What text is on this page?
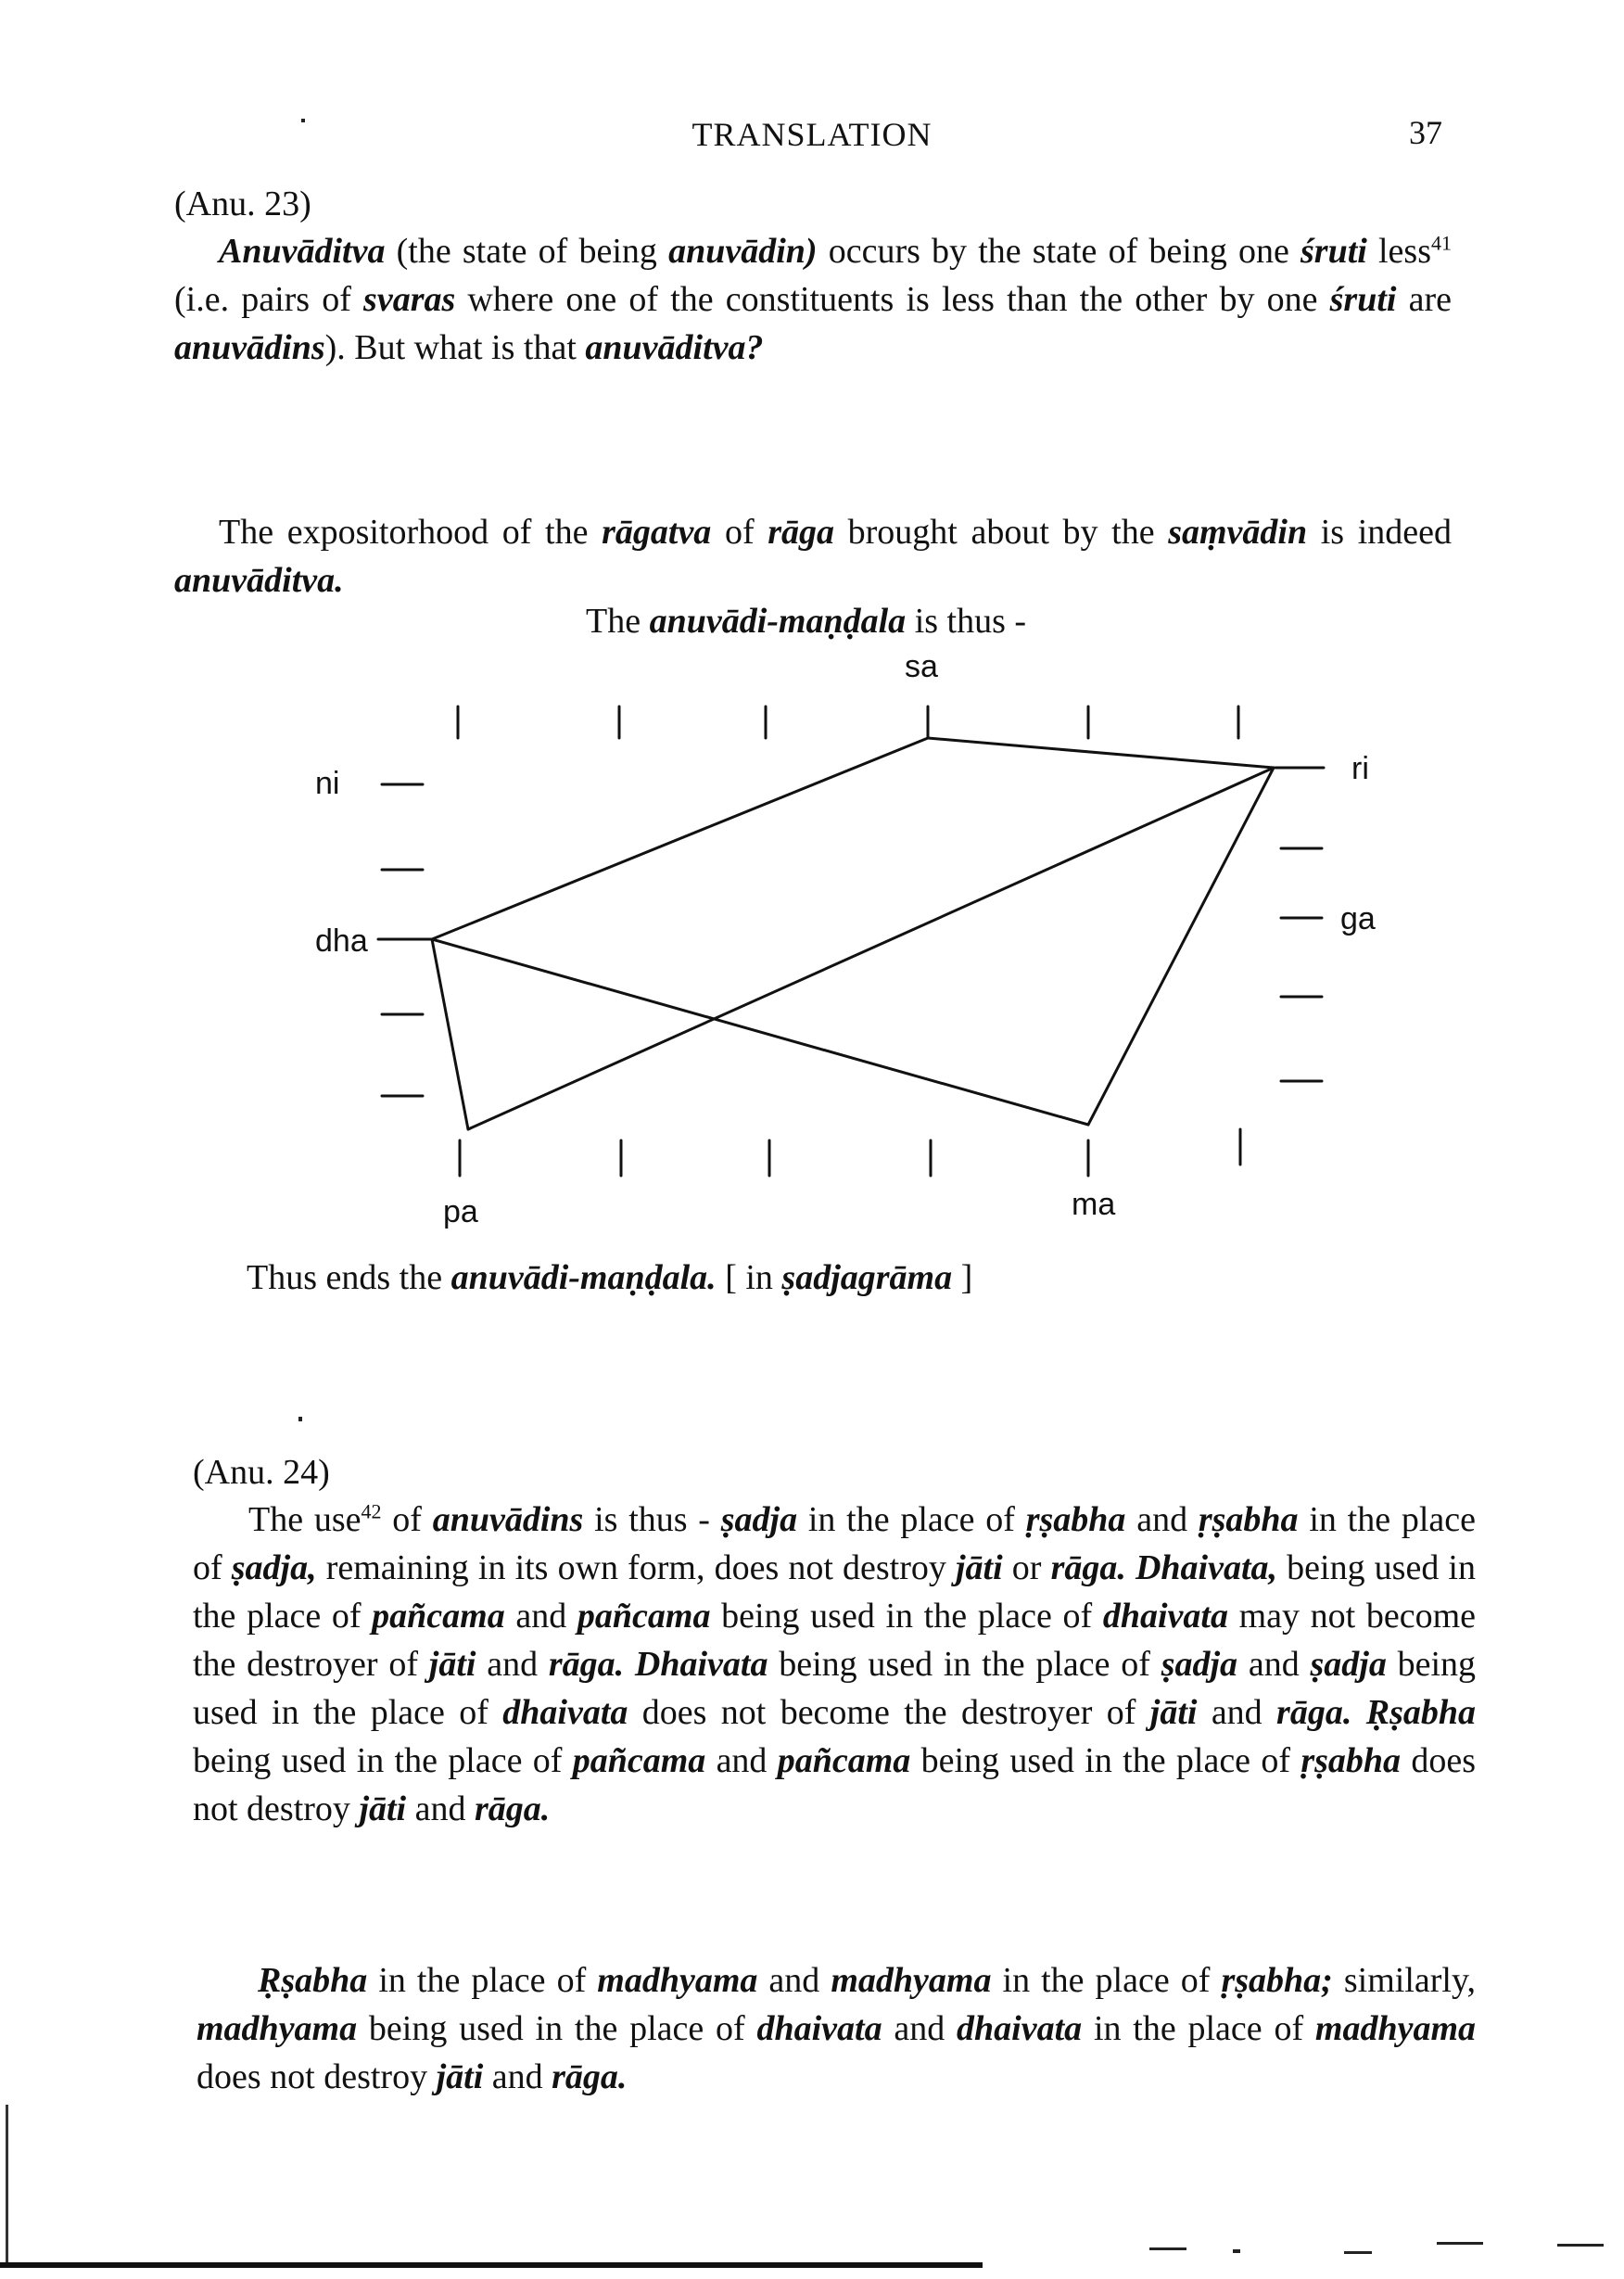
TRANSLATION	37
(Anu. 23)

Anuvāditva (the state of being anuvādin) occurs by the state of being one śruti less$^{41}$ (i.e. pairs of svaras where one of the constituents is less than the other by one śruti are anuvādins). But what is that anuvāditva?

The expositorhood of the rāgatva of rāga brought about by the saṃvādin is indeed anuvāditva.

The anuvādi-maṇḍala is thus -
sa
ri
ga
ma
pa
dha
ni
Thus ends the anuvādi-maṇḍala. [ in ṣadjagrāma ]
(Anu. 24)

The use$^{42}$ of anuvādins is thus - ṣadja in the place of ṛṣabha and ṛṣabha in the place of ṣadja, remaining in its own form, does not destroy jāti or rāga. Dhaivata, being used in the place of pañcama and pañcama being used in the place of dhaivata may not become the destroyer of jāti and rāga. Dhaivata being used in the place of ṣadja and ṣadja being used in the place of dhaivata does not become the destroyer of jāti and rāga. Ṛṣabha being used in the place of pañcama and pañcama being used in the place of ṛṣabha does not destroy jāti and rāga.

Ṛṣabha in the place of madhyama and madhyama in the place of ṛṣabha; similarly, madhyama being used in the place of dhaivata and dhaivata in the place of madhyama does not destroy jāti and rāga.
